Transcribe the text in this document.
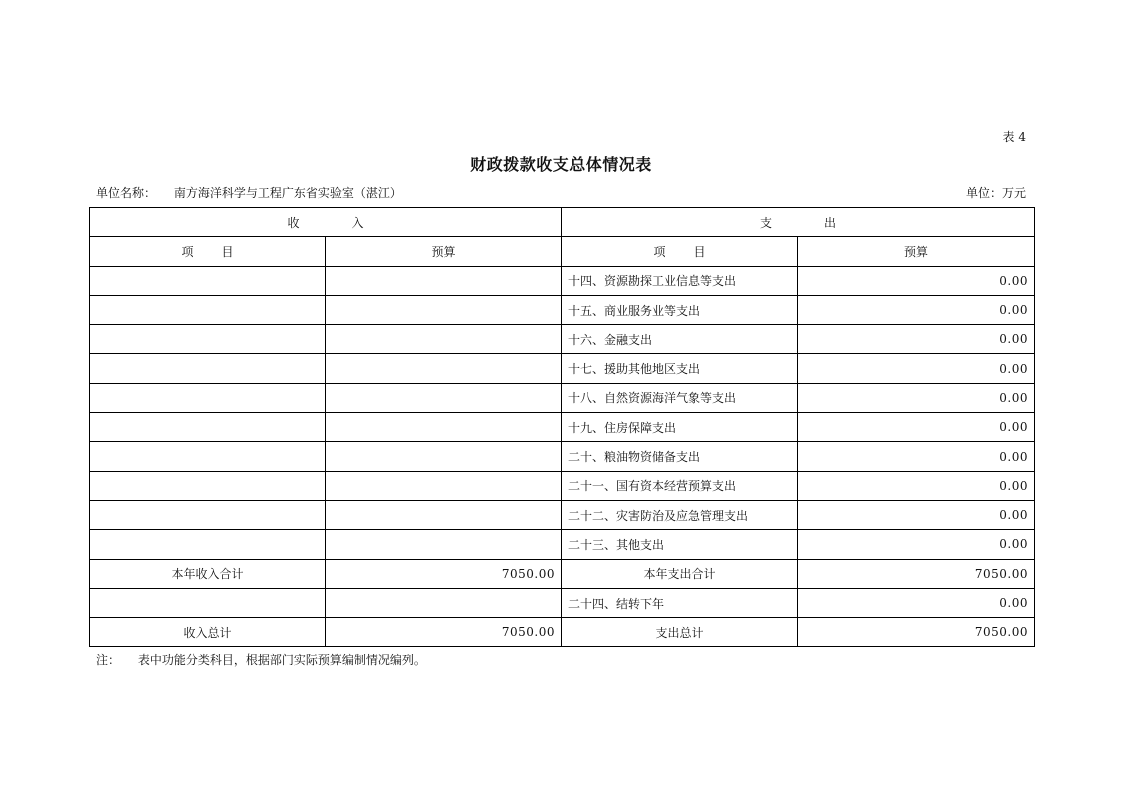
表 4
财政拨款收支总体情况表
单位名称： 南方海洋科学与工程广东省实验室（湛江）	单位：万元
收 入		支 出	
项 目	预算	项 目	预算
		十四、资源勘探工业信息等支出	0.00
		十五、商业服务业等支出	0.00
		十六、金融支出	0.00
		十七、援助其他地区支出	0.00
		十八、自然资源海洋气象等支出	0.00
		十九、住房保障支出	0.00
		二十、粮油物资储备支出	0.00
		二十一、国有资本经营预算支出	0.00
		二十二、灾害防治及应急管理支出	0.00
		二十三、其他支出	0.00
本年收入合计	7050.00	本年支出合计	7050.00
		二十四、结转下年	0.00
收入总计	7050.00	支出总计	7050.00
注： 表中功能分类科目，根据部门实际预算编制情况编列。
